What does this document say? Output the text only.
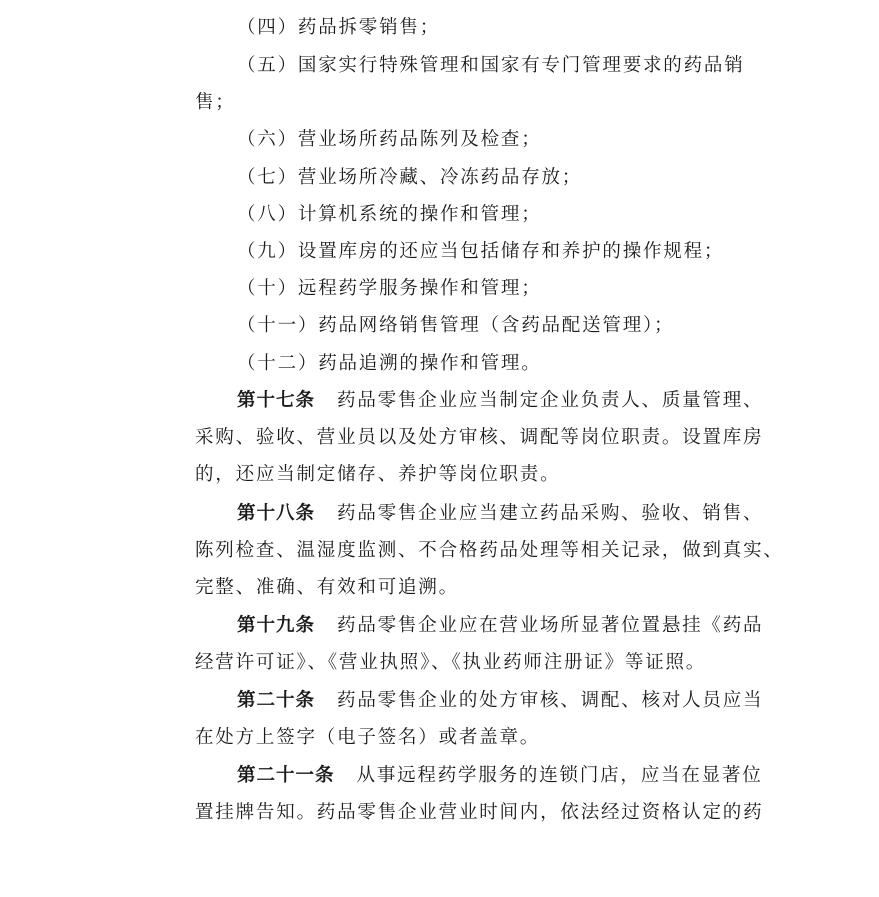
（四）药品拆零销售；
（五）国家实行特殊管理和国家有专门管理要求的药品销
售；
（六）营业场所药品陈列及检查；
（七）营业场所冷藏、冷冻药品存放；
（八）计算机系统的操作和管理；
（九）设置库房的还应当包括储存和养护的操作规程；
（十）远程药学服务操作和管理；
（十一）药品网络销售管理（含药品配送管理）；
（十二）药品追溯的操作和管理。
第十七条 药品零售企业应当制定企业负责人、质量管理、
采购、验收、营业员以及处方审核、调配等岗位职责。设置库房
的，还应当制定储存、养护等岗位职责。
第十八条 药品零售企业应当建立药品采购、验收、销售、
陈列检查、温湿度监测、不合格药品处理等相关记录，做到真实、
完整、准确、有效和可追溯。
第十九条 药品零售企业应在营业场所显著位置悬挂《药品
经营许可证》、《营业执照》、《执业药师注册证》等证照。
第二十条 药品零售企业的处方审核、调配、核对人员应当
在处方上签字（电子签名）或者盖章。
第二十一条 从事远程药学服务的连锁门店，应当在显著位
置挂牌告知。药品零售企业营业时间内，依法经过资格认定的药
